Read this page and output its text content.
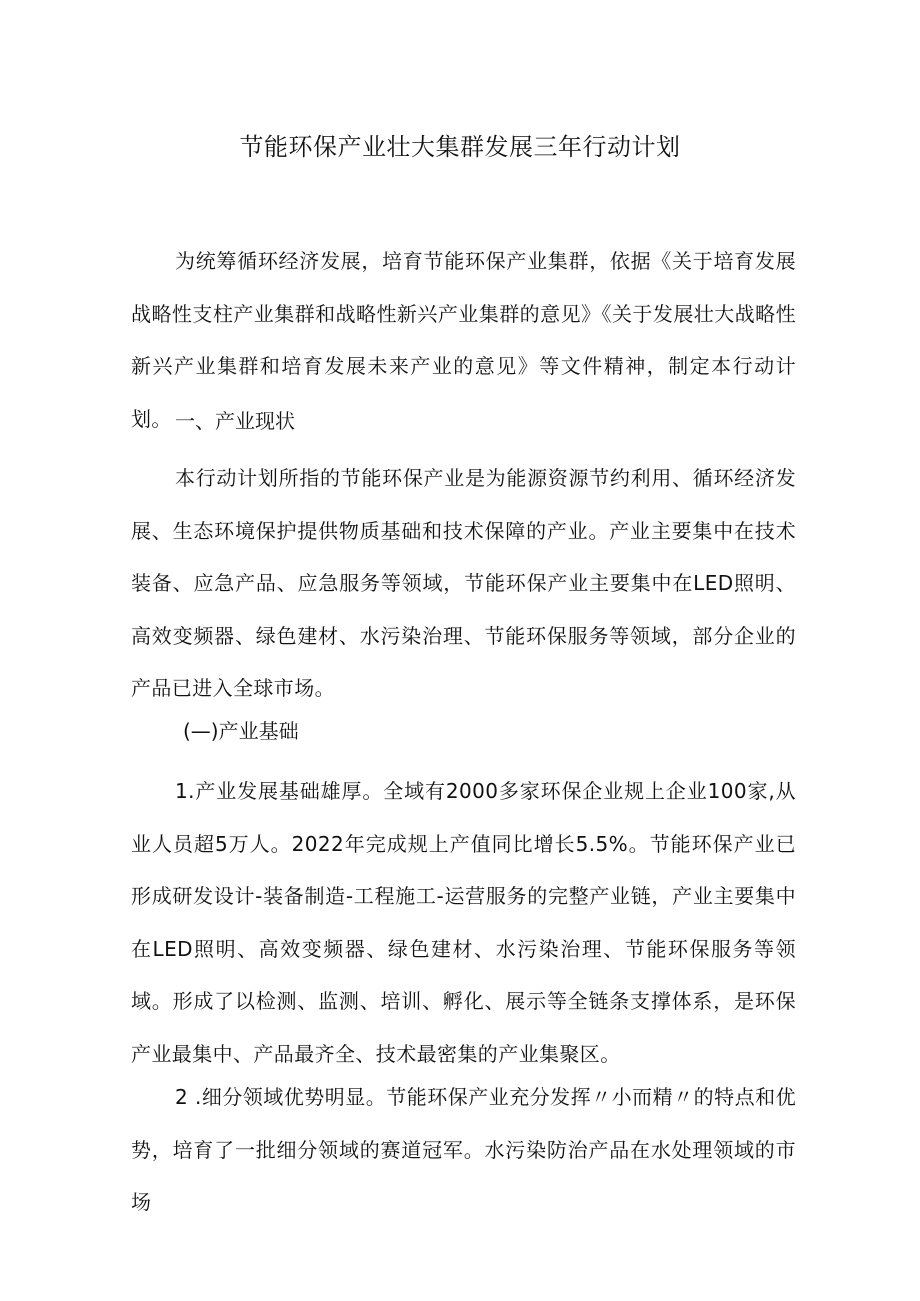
节能环保产业壮大集群发展三年行动计划

为统筹循环经济发展，培育节能环保产业集群，依据《关于培育发展战略性支柱产业集群和战略性新兴产业集群的意见》《关于发展壮大战略性新兴产业集群和培育发展未来产业的意见》等文件精神，制定本行动计划。 一、产业现状

本行动计划所指的节能环保产业是为能源资源节约利用、循环经济发展、生态环境保护提供物质基础和技术保障的产业。产业主要集中在技术装备、应急产品、应急服务等领域，节能环保产业主要集中在LED照明、高效变频器、绿色建材、水污染治理、节能环保服务等领域，部分企业的产品已进入全球市场。

(—)产业基础

1.产业发展基础雄厚。全域有2000多家环保企业规上企业100家,从业人员超5万人。2022年完成规上产值同比增长5.5%。节能环保产业已形成研发设计-装备制造-工程施工-运营服务的完整产业链，产业主要集中在LED照明、高效变频器、绿色建材、水污染治理、节能环保服务等领域。形成了以检测、监测、培训、孵化、展示等全链条支撑体系，是环保产业最集中、产品最齐全、技术最密集的产业集聚区。

2 .细分领域优势明显。节能环保产业充分发挥〃小而精〃的特点和优势，培育了一批细分领域的赛道冠军。水污染防治产品在水处理领域的市场
